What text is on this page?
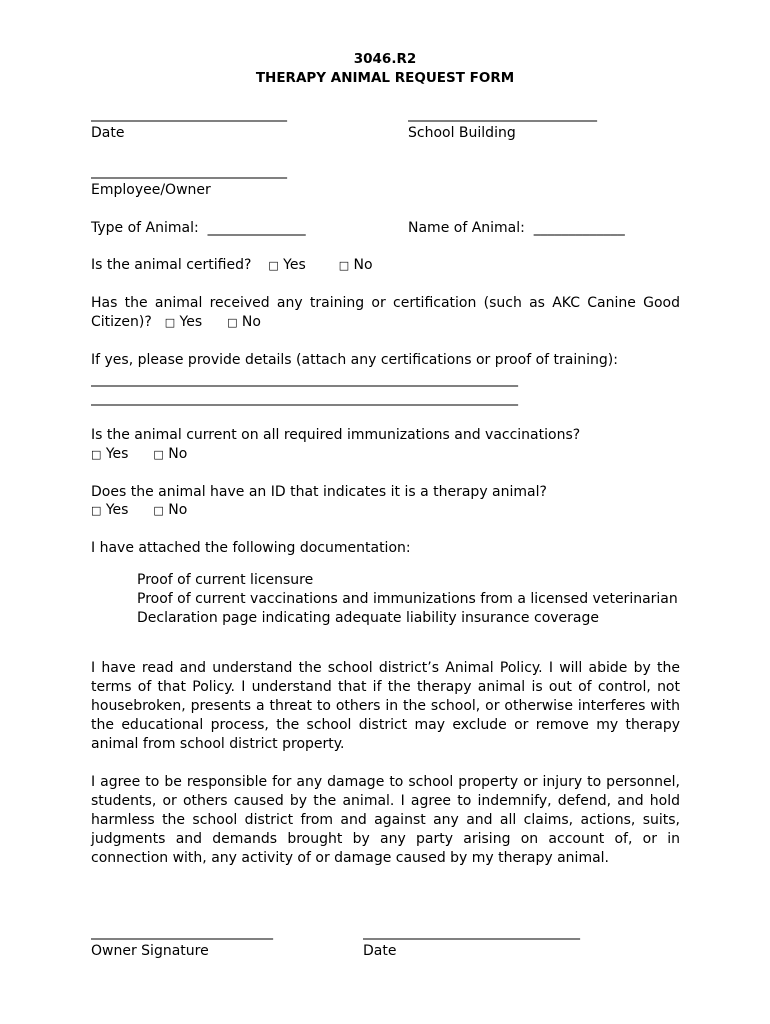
3046.R2
THERAPY ANIMAL REQUEST FORM
____________________________
Date
___________________________
School Building
____________________________
Employee/Owner
Type of Animal: ______________	Name of Animal: _____________
Is the animal certified? □ Yes	□ No
Has the animal received any training or certification (such as AKC Canine Good Citizen)? □ Yes □ No
If yes, please provide details (attach any certifications or proof of training):
_____________________________________________________________
_____________________________________________________________
Is the animal current on all required immunizations and vaccinations?
□ Yes □ No
Does the animal have an ID that indicates it is a therapy animal?
□ Yes □ No
I have attached the following documentation:
Proof of current licensure
Proof of current vaccinations and immunizations from a licensed veterinarian
Declaration page indicating adequate liability insurance coverage
I have read and understand the school district’s Animal Policy. I will abide by the terms of that Policy. I understand that if the therapy animal is out of control, not housebroken, presents a threat to others in the school, or otherwise interferes with the educational process, the school district may exclude or remove my therapy animal from school district property.
I agree to be responsible for any damage to school property or injury to personnel, students, or others caused by the animal. I agree to indemnify, defend, and hold harmless the school district from and against any and all claims, actions, suits, judgments and demands brought by any party arising on account of, or in connection with, any activity of or damage caused by my therapy animal.
__________________________
Owner Signature
_______________________________
Date
